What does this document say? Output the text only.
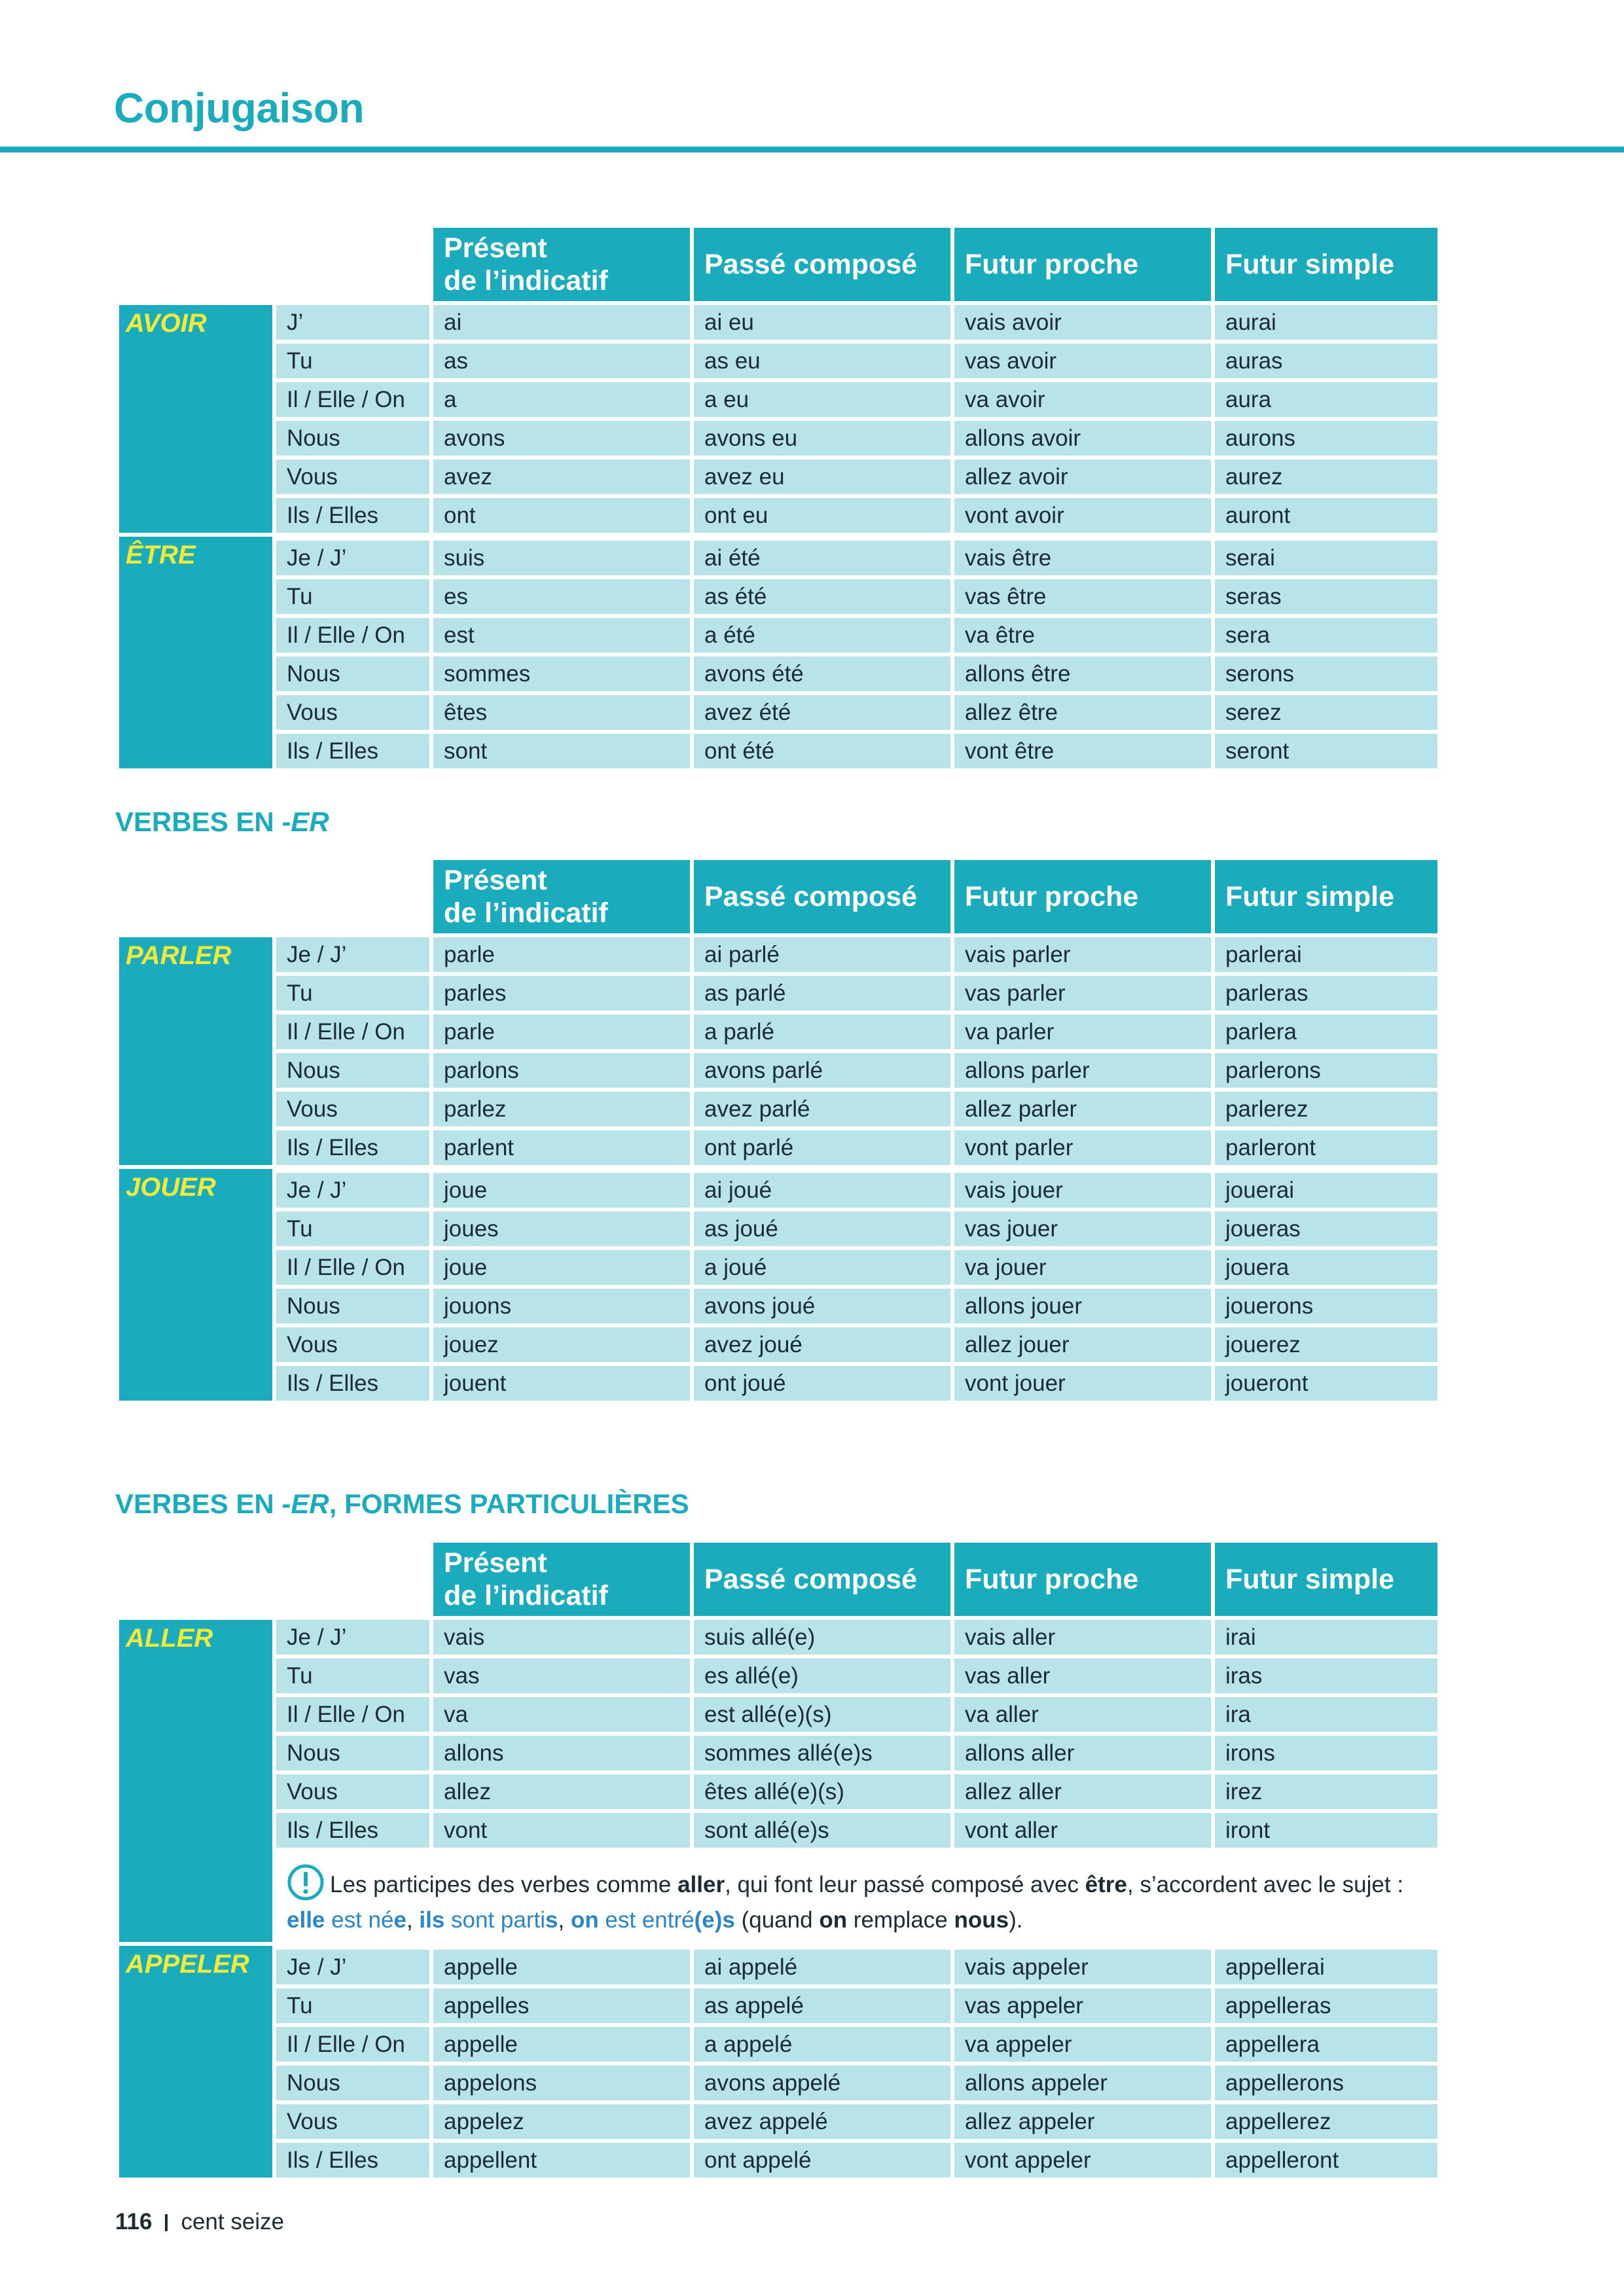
Conjugaison
		Présent
de l’indicatif	Passé composé	Futur proche	Futur simple
AVOIR	J’	ai	ai eu	vais avoir	aurai
	Tu	as	as eu	vas avoir	auras
	Il / Elle / On	a	a eu	va avoir	aura
	Nous	avons	avons eu	allons avoir	aurons
	Vous	avez	avez eu	allez avoir	aurez
	Ils / Elles	ont	ont eu	vont avoir	auront
ÊTRE	Je / J’	suis	ai été	vais être	serai
	Tu	es	as été	vas être	seras
	Il / Elle / On	est	a été	va être	sera
	Nous	sommes	avons été	allons être	serons
	Vous	êtes	avez été	allez être	serez
	Ils / Elles	sont	ont été	vont être	seront
VERBES EN -ER
		Présent
de l’indicatif	Passé composé	Futur proche	Futur simple
PARLER	Je / J’	parle	ai parlé	vais parler	parlerai
	Tu	parles	as parlé	vas parler	parleras
	Il / Elle / On	parle	a parlé	va parler	parlera
	Nous	parlons	avons parlé	allons parler	parlerons
	Vous	parlez	avez parlé	allez parler	parlerez
	Ils / Elles	parlent	ont parlé	vont parler	parleront
JOUER	Je / J’	joue	ai joué	vais jouer	jouerai
	Tu	joues	as joué	vas jouer	joueras
	Il / Elle / On	joue	a joué	va jouer	jouera
	Nous	jouons	avons joué	allons jouer	jouerons
	Vous	jouez	avez joué	allez jouer	jouerez
	Ils / Elles	jouent	ont joué	vont jouer	joueront
VERBES EN -ER, FORMES PARTICULIÈRES
		Présent
de l’indicatif	Passé composé	Futur proche	Futur simple
ALLER	Je / J’	vais	suis allé(e)	vais aller	irai
	Tu	vas	es allé(e)	vas aller	iras
	Il / Elle / On	va	est allé(e)(s)	va aller	ira
	Nous	allons	sommes allé(e)s	allons aller	irons
	Vous	allez	êtes allé(e)(s)	allez aller	irez
	Ils / Elles	vont	sont allé(e)s	vont aller	iront
	Les participes des verbes comme aller, qui font leur passé composé avec être, s’accordent avec le sujet : elle est née, ils sont partis, on est entré(e)s (quand on remplace nous).				
APPELER	Je / J’	appelle	ai appelé	vais appeler	appellerai
	Tu	appelles	as appelé	vas appeler	appelleras
	Il / Elle / On	appelle	a appelé	va appeler	appellera
	Nous	appelons	avons appelé	allons appeler	appellerons
	Vous	appelez	avez appelé	allez appeler	appellerez
	Ils / Elles	appellent	ont appelé	vont appeler	appelleront
116 cent seize
